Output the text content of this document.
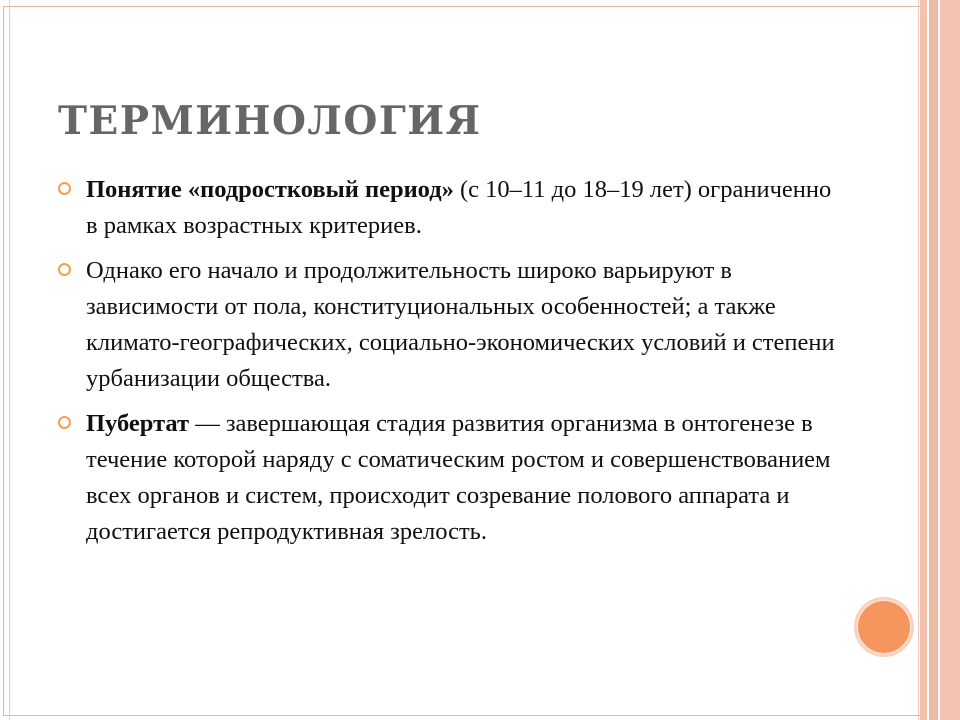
ТЕРМИНОЛОГИЯ
Понятие «подростковый период» (с 10–11 до 18–19 лет) ограниченно в рамках возрастных критериев.
Однако его начало и продолжительность широко варьируют в зависимости от пола, конституциональных особенностей; а также климато-географических, социально-экономических условий и степени урбанизации общества.
Пубертат — завершающая стадия развития организма в онтогенезе в течение которой наряду с соматическим ростом и совершенствованием всех органов и систем, происходит созревание полового аппарата и достигается репродуктивная зрелость.
